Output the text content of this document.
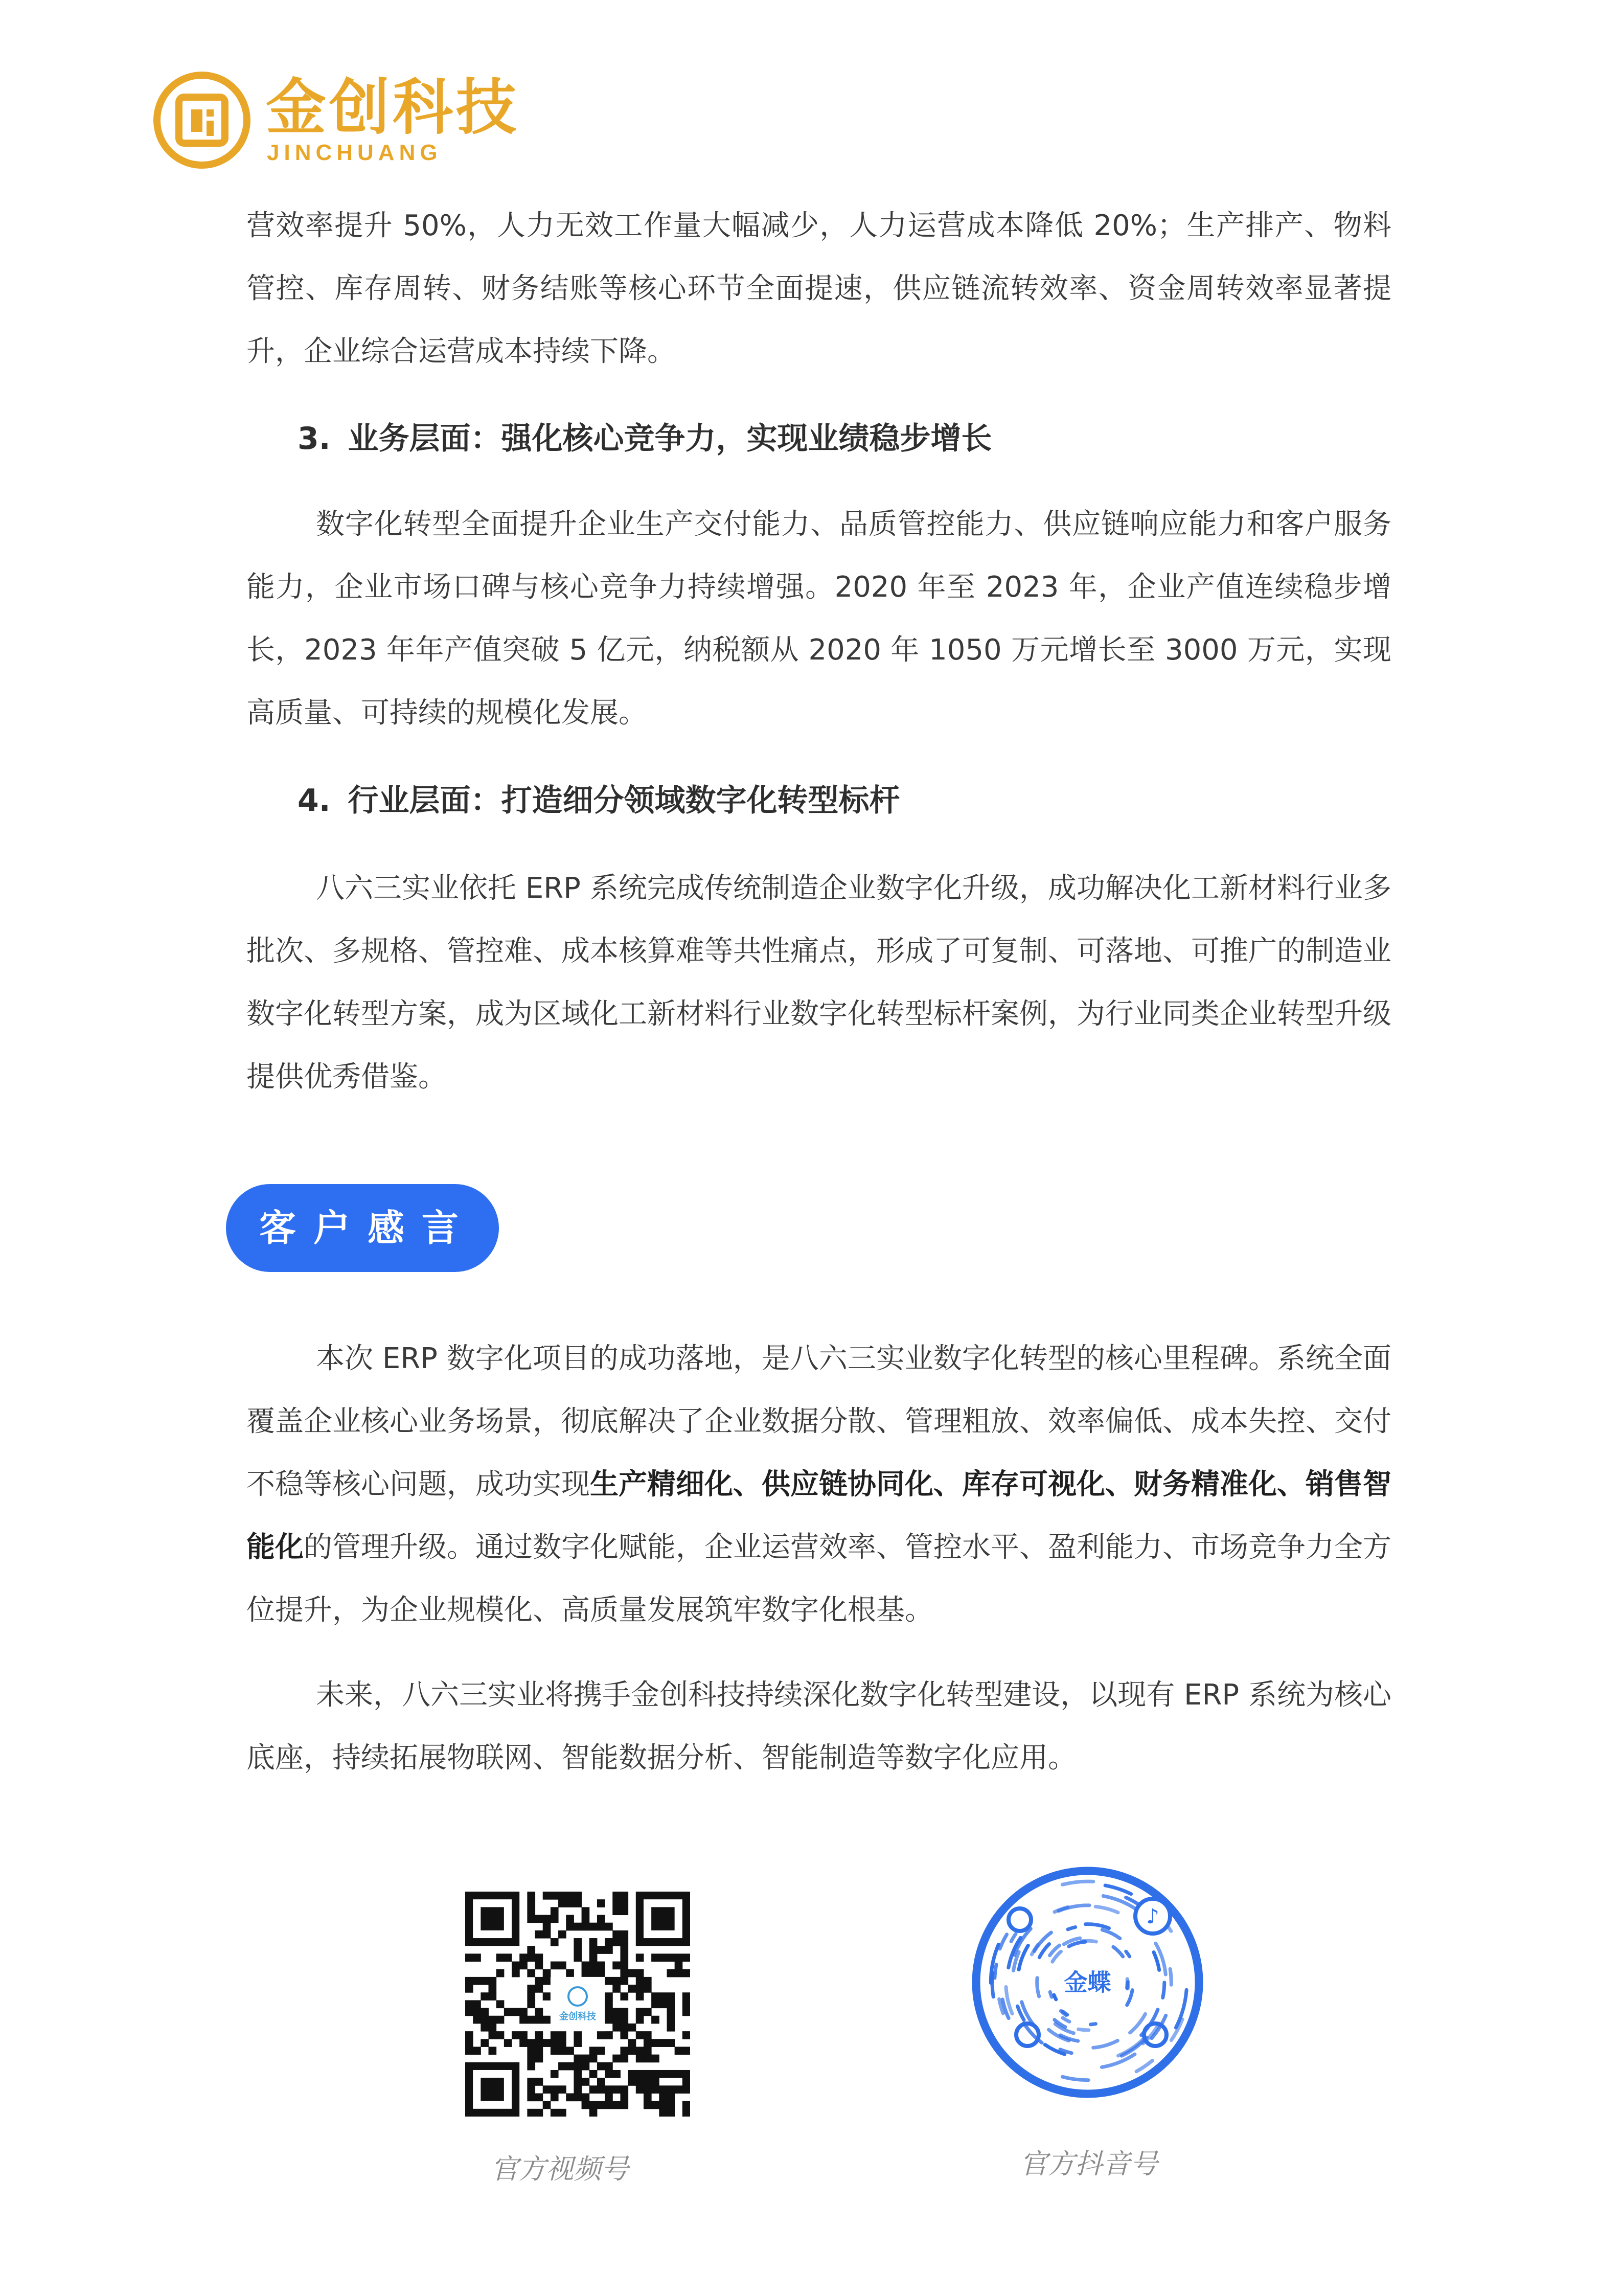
金创科技
JINCHUANG

营效率提升 50%，人力无效工作量大幅减少，人力运营成本降低 20%；生产排产、物料管控、库存周转、财务结账等核心环节全面提速，供应链流转效率、资金周转效率显著提升，企业综合运营成本持续下降。

3. 业务层面：强化核心竞争力，实现业绩稳步增长

数字化转型全面提升企业生产交付能力、品质管控能力、供应链响应能力和客户服务能力，企业市场口碑与核心竞争力持续增强。2020 年至 2023 年，企业产值连续稳步增长，2023 年年产值突破 5 亿元，纳税额从 2020 年 1050 万元增长至 3000 万元，实现高质量、可持续的规模化发展。

4. 行业层面：打造细分领域数字化转型标杆

八六三实业依托 ERP 系统完成传统制造企业数字化升级，成功解决化工新材料行业多批次、多规格、管控难、成本核算难等共性痛点，形成了可复制、可落地、可推广的制造业数字化转型方案，成为区域化工新材料行业数字化转型标杆案例，为行业同类企业转型升级提供优秀借鉴。

客户感言

本次 ERP 数字化项目的成功落地，是八六三实业数字化转型的核心里程碑。系统全面覆盖企业核心业务场景，彻底解决了企业数据分散、管理粗放、效率偏低、成本失控、交付不稳等核心问题，成功实现生产精细化、供应链协同化、库存可视化、财务精准化、销售智能化的管理升级。通过数字化赋能，企业运营效率、管控水平、盈利能力、市场竞争力全方位提升，为企业规模化、高质量发展筑牢数字化根基。

未来，八六三实业将携手金创科技持续深化数字化转型建设，以现有 ERP 系统为核心底座，持续拓展物联网、智能数据分析、智能制造等数字化应用。

金创科技
官方视频号
♪
金蝶
官方抖音号
